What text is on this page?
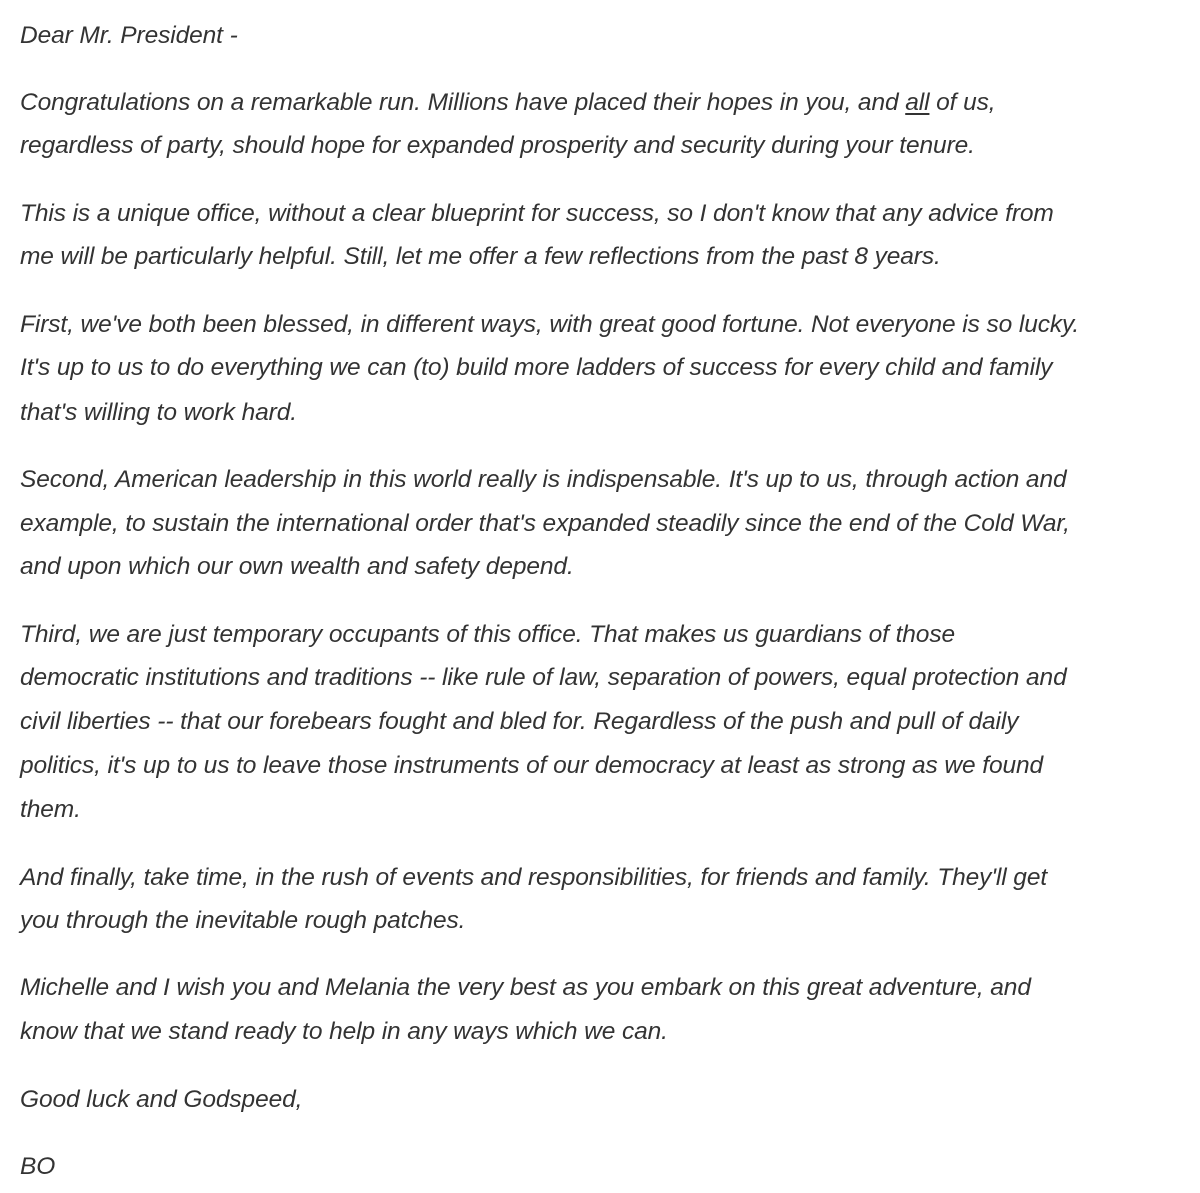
Dear Mr. President -
Congratulations on a remarkable run. Millions have placed their hopes in you, and all of us,
regardless of party, should hope for expanded prosperity and security during your tenure.
This is a unique office, without a clear blueprint for success, so I don't know that any advice from
me will be particularly helpful. Still, let me offer a few reflections from the past 8 years.
First, we've both been blessed, in different ways, with great good fortune. Not everyone is so lucky.
It's up to us to do everything we can (to) build more ladders of success for every child and family
that's willing to work hard.
Second, American leadership in this world really is indispensable. It's up to us, through action and
example, to sustain the international order that's expanded steadily since the end of the Cold War,
and upon which our own wealth and safety depend.
Third, we are just temporary occupants of this office. That makes us guardians of those
democratic institutions and traditions -- like rule of law, separation of powers, equal protection and
civil liberties -- that our forebears fought and bled for. Regardless of the push and pull of daily
politics, it's up to us to leave those instruments of our democracy at least as strong as we found
them.
And finally, take time, in the rush of events and responsibilities, for friends and family. They'll get
you through the inevitable rough patches.
Michelle and I wish you and Melania the very best as you embark on this great adventure, and
know that we stand ready to help in any ways which we can.
Good luck and Godspeed,
BO
